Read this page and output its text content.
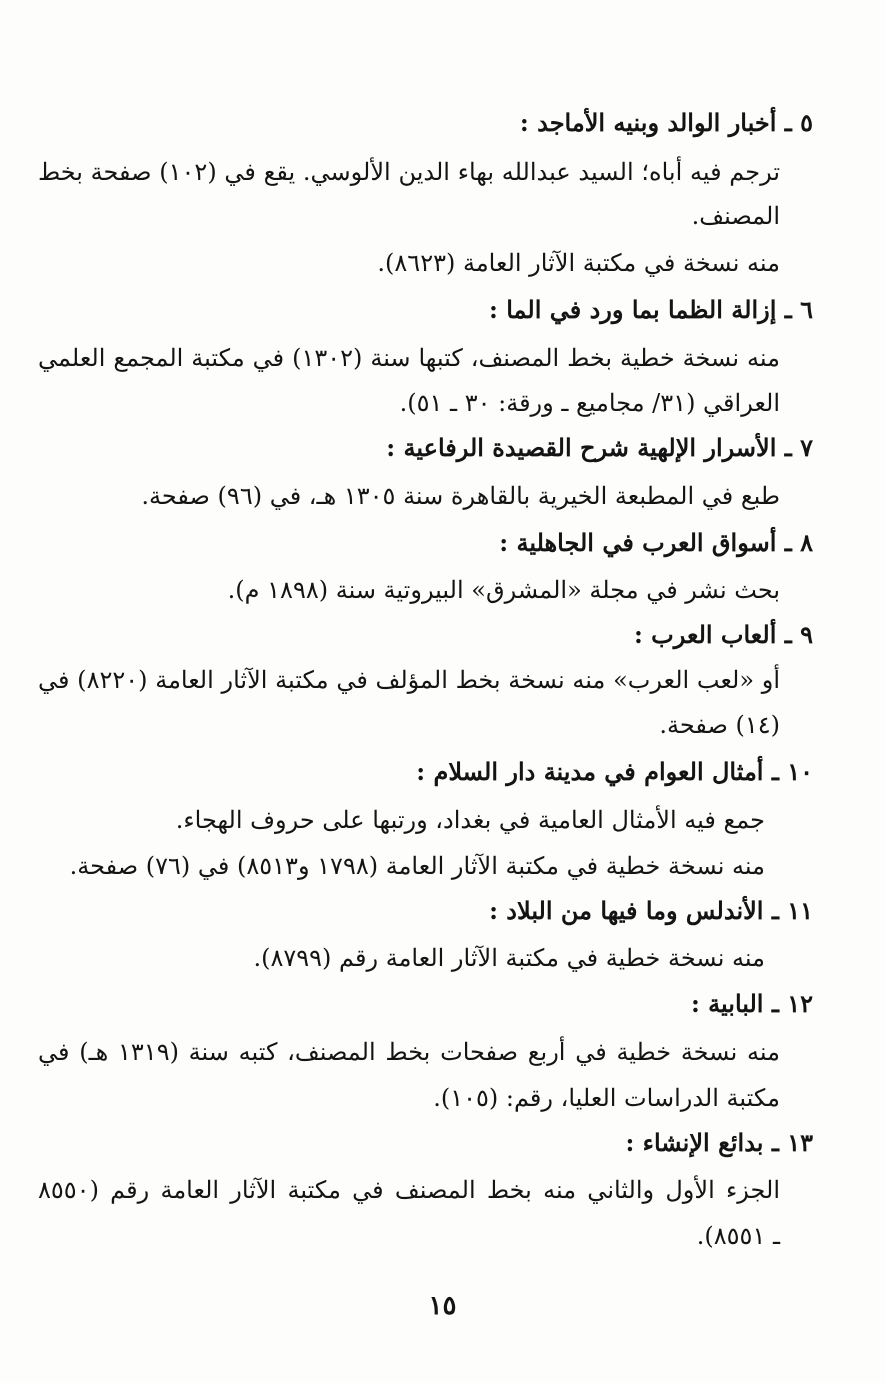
٥ ـ أخبار الوالد وبنيه الأماجد :
ترجم فيه أباه؛ السيد عبدالله بهاء الدين الألوسي. يقع في (١٠٢) صفحة بخط
المصنف.
منه نسخة في مكتبة الآثار العامة (٨٦٢٣).
٦ ـ إزالة الظما بما ورد في الما :
منه نسخة خطية بخط المصنف، كتبها سنة (١٣٠٢) في مكتبة المجمع العلمي
العراقي (٣١/ مجاميع ـ ورقة: ٣٠ ـ ٥١).
٧ ـ الأسرار الإلهية شرح القصيدة الرفاعية :
طبع في المطبعة الخيرية بالقاهرة سنة ١٣٠٥ هـ، في (٩٦) صفحة.
٨ ـ أسواق العرب في الجاهلية :
بحث نشر في مجلة «المشرق» البيروتية سنة (١٨٩٨ م).
٩ ـ ألعاب العرب :
أو «لعب العرب» منه نسخة بخط المؤلف في مكتبة الآثار العامة (٨٢٢٠) في
(١٤) صفحة.
١٠ ـ أمثال العوام في مدينة دار السلام :
جمع فيه الأمثال العامية في بغداد، ورتبها على حروف الهجاء.
منه نسخة خطية في مكتبة الآثار العامة (١٧٩٨ و٨٥١٣) في (٧٦) صفحة.
١١ ـ الأندلس وما فيها من البلاد :
منه نسخة خطية في مكتبة الآثار العامة رقم (٨٧٩٩).
١٢ ـ البابية :
منه نسخة خطية في أربع صفحات بخط المصنف، كتبه سنة (١٣١٩ هـ) في
مكتبة الدراسات العليا، رقم: (١٠٥).
١٣ ـ بدائع الإنشاء :
الجزء الأول والثاني منه بخط المصنف في مكتبة الآثار العامة رقم (٨٥٥٠
ـ ٨٥٥١).
١٥
